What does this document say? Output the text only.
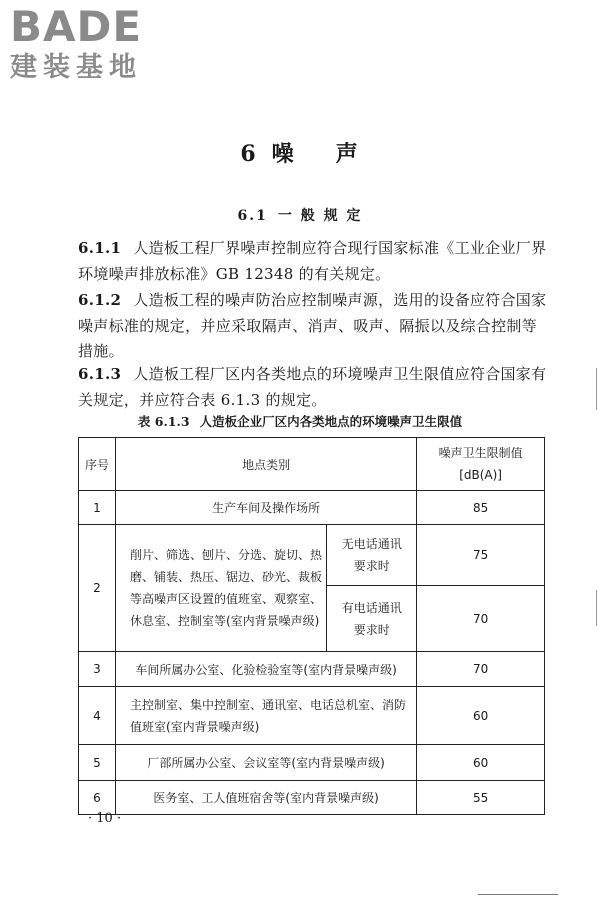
BADE
建装基地
6 噪 声
6.1 一 般 规 定
6.1.1 人造板工程厂界噪声控制应符合现行国家标准《工业企业厂界环境噪声排放标准》GB 12348 的有关规定。
6.1.2 人造板工程的噪声防治应控制噪声源，选用的设备应符合国家噪声标准的规定，并应采取隔声、消声、吸声、隔振以及综合控制等措施。
6.1.3 人造板工程厂区内各类地点的环境噪声卫生限值应符合国家有关规定，并应符合表 6.1.3 的规定。
表 6.1.3 人造板企业厂区内各类地点的环境噪声卫生限值
序号	地点类别		噪声卫生限制值
[dB(A)]
1	生产车间及操作场所		85
2	削片、筛选、刨片、分选、旋切、热磨、铺装、热压、锯边、砂光、裁板等高噪声区设置的值班室、观察室、休息室、控制室等(室内背景噪声级)	无电话通讯要求时	75
		有电话通讯要求时	70
3	车间所属办公室、化验检验室等(室内背景噪声级)		70
4	主控制室、集中控制室、通讯室、电话总机室、消防值班室(室内背景噪声级)		60
5	厂部所属办公室、会议室等(室内背景噪声级)		60
6	医务室、工人值班宿舍等(室内背景噪声级)		55
· 10 ·
